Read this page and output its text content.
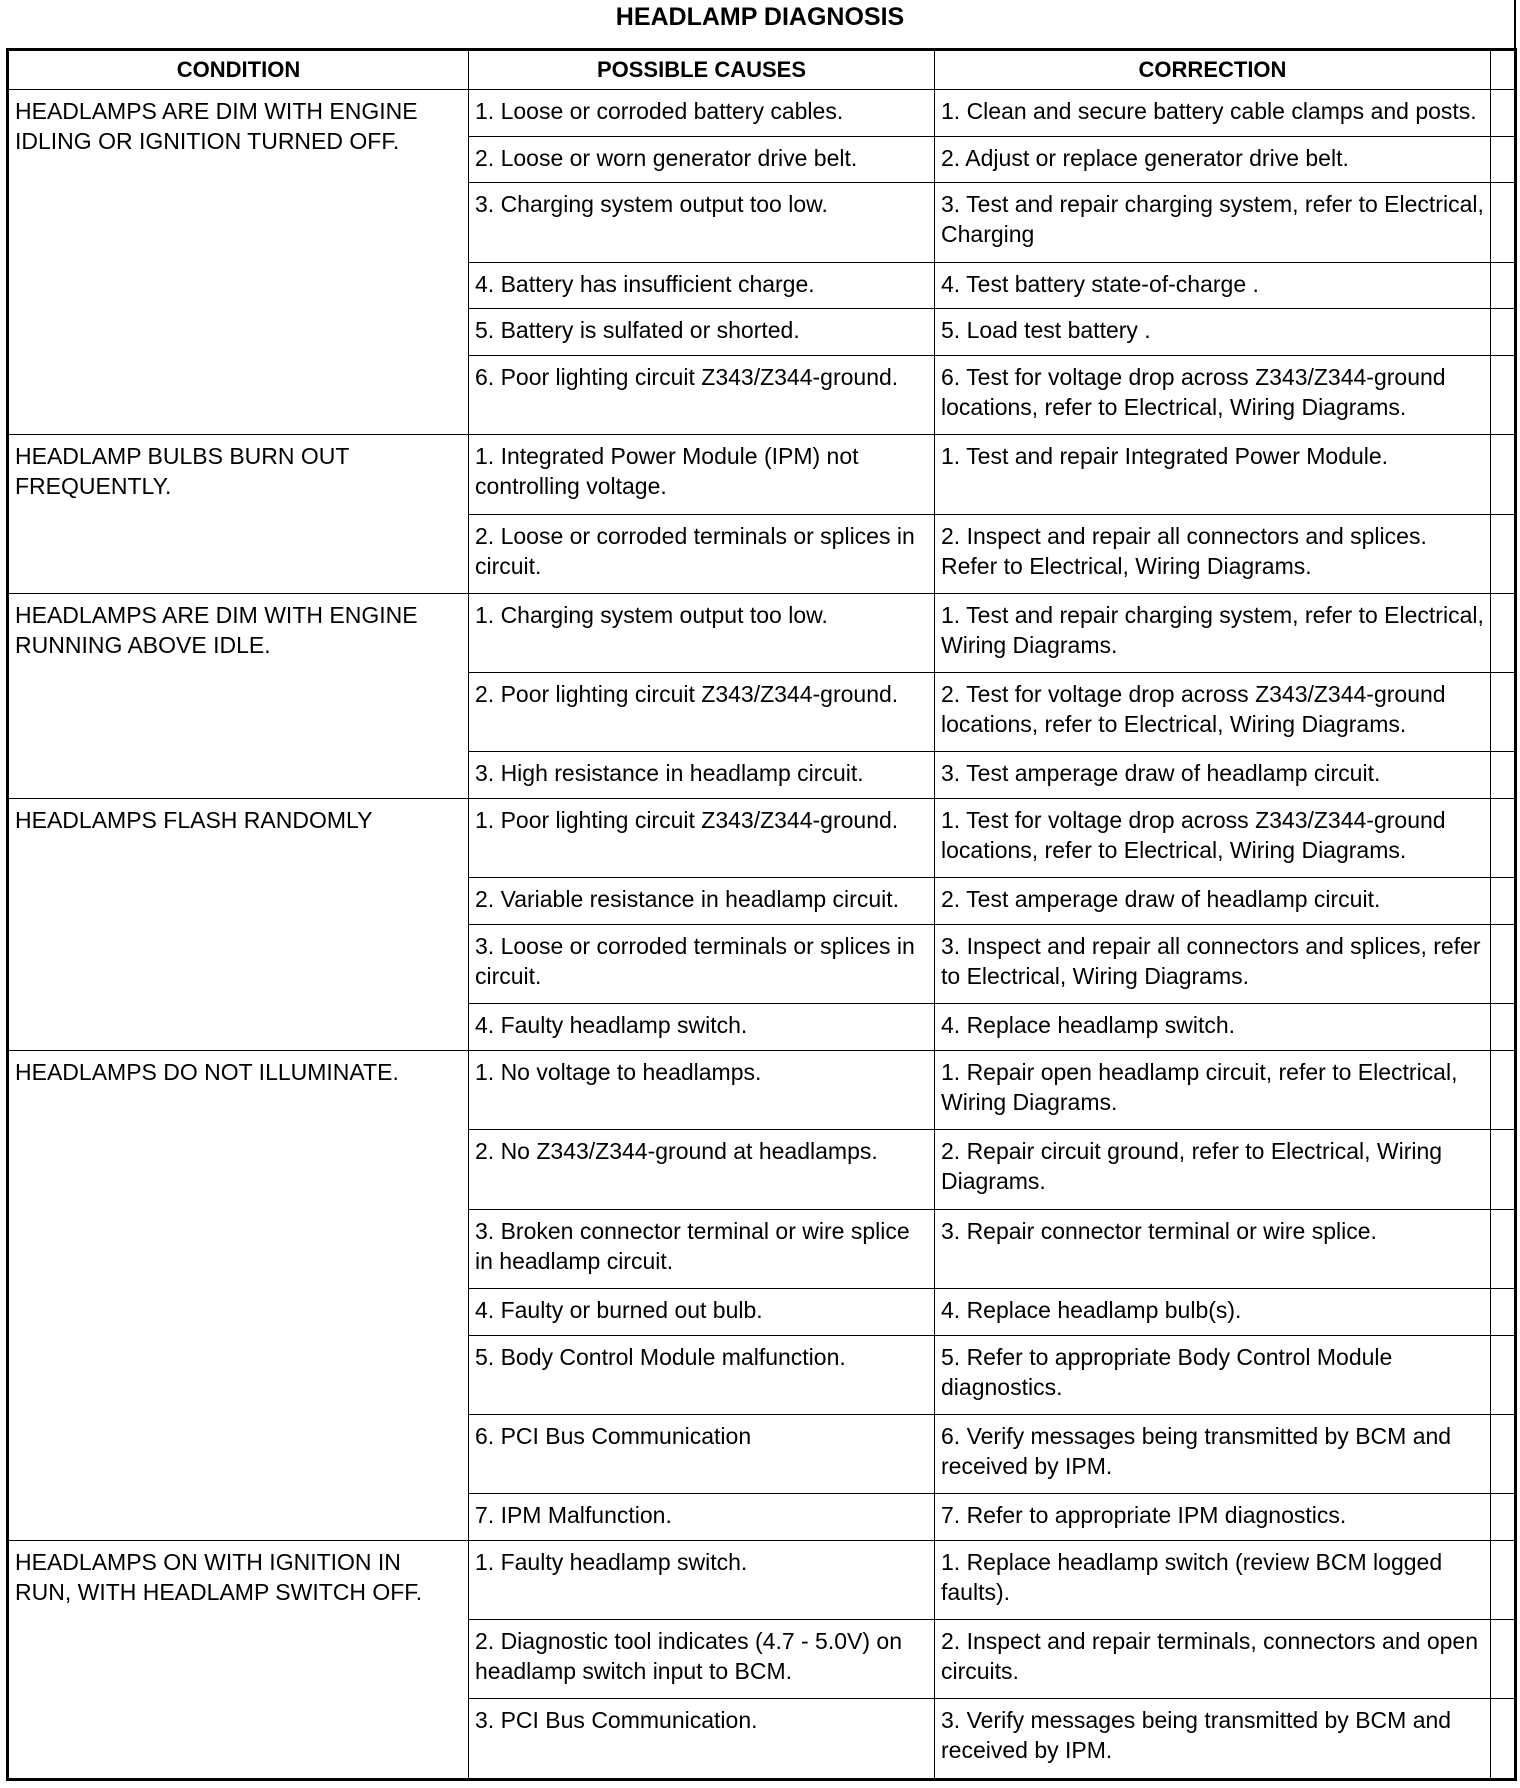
HEADLAMP DIAGNOSIS
CONDITION	POSSIBLE CAUSES	CORRECTION	
HEADLAMPS ARE DIM WITH ENGINE IDLING OR IGNITION TURNED OFF.	1. Loose or corroded battery cables.	1. Clean and secure battery cable clamps and posts.	
	2. Loose or worn generator drive belt.	2. Adjust or replace generator drive belt.	
	3. Charging system output too low.	3. Test and repair charging system, refer to Electrical, Charging	
	4. Battery has insufficient charge.	4. Test battery state-of-charge .	
	5. Battery is sulfated or shorted.	5. Load test battery .	
	6. Poor lighting circuit Z343/Z344-ground.	6. Test for voltage drop across Z343/Z344-ground locations, refer to Electrical, Wiring Diagrams.	
HEADLAMP BULBS BURN OUT FREQUENTLY.	1. Integrated Power Module (IPM) not controlling voltage.	1. Test and repair Integrated Power Module.	
	2. Loose or corroded terminals or splices in circuit.	2. Inspect and repair all connectors and splices. Refer to Electrical, Wiring Diagrams.	
HEADLAMPS ARE DIM WITH ENGINE RUNNING ABOVE IDLE.	1. Charging system output too low.	1. Test and repair charging system, refer to Electrical, Wiring Diagrams.	
	2. Poor lighting circuit Z343/Z344-ground.	2. Test for voltage drop across Z343/Z344-ground locations, refer to Electrical, Wiring Diagrams.	
	3. High resistance in headlamp circuit.	3. Test amperage draw of headlamp circuit.	
HEADLAMPS FLASH RANDOMLY	1. Poor lighting circuit Z343/Z344-ground.	1. Test for voltage drop across Z343/Z344-ground locations, refer to Electrical, Wiring Diagrams.	
	2. Variable resistance in headlamp circuit.	2. Test amperage draw of headlamp circuit.	
	3. Loose or corroded terminals or splices in circuit.	3. Inspect and repair all connectors and splices, refer to Electrical, Wiring Diagrams.	
	4. Faulty headlamp switch.	4. Replace headlamp switch.	
HEADLAMPS DO NOT ILLUMINATE.	1. No voltage to headlamps.	1. Repair open headlamp circuit, refer to Electrical, Wiring Diagrams.	
	2. No Z343/Z344-ground at headlamps.	2. Repair circuit ground, refer to Electrical, Wiring Diagrams.	
	3. Broken connector terminal or wire splice in headlamp circuit.	3. Repair connector terminal or wire splice.	
	4. Faulty or burned out bulb.	4. Replace headlamp bulb(s).	
	5. Body Control Module malfunction.	5. Refer to appropriate Body Control Module diagnostics.	
	6. PCI Bus Communication	6. Verify messages being transmitted by BCM and received by IPM.	
	7. IPM Malfunction.	7. Refer to appropriate IPM diagnostics.	
HEADLAMPS ON WITH IGNITION IN RUN, WITH HEADLAMP SWITCH OFF.	1. Faulty headlamp switch.	1. Replace headlamp switch (review BCM logged faults).	
	2. Diagnostic tool indicates (4.7 - 5.0V) on headlamp switch input to BCM.	2. Inspect and repair terminals, connectors and open circuits.	
	3. PCI Bus Communication.	3. Verify messages being transmitted by BCM and received by IPM.	
